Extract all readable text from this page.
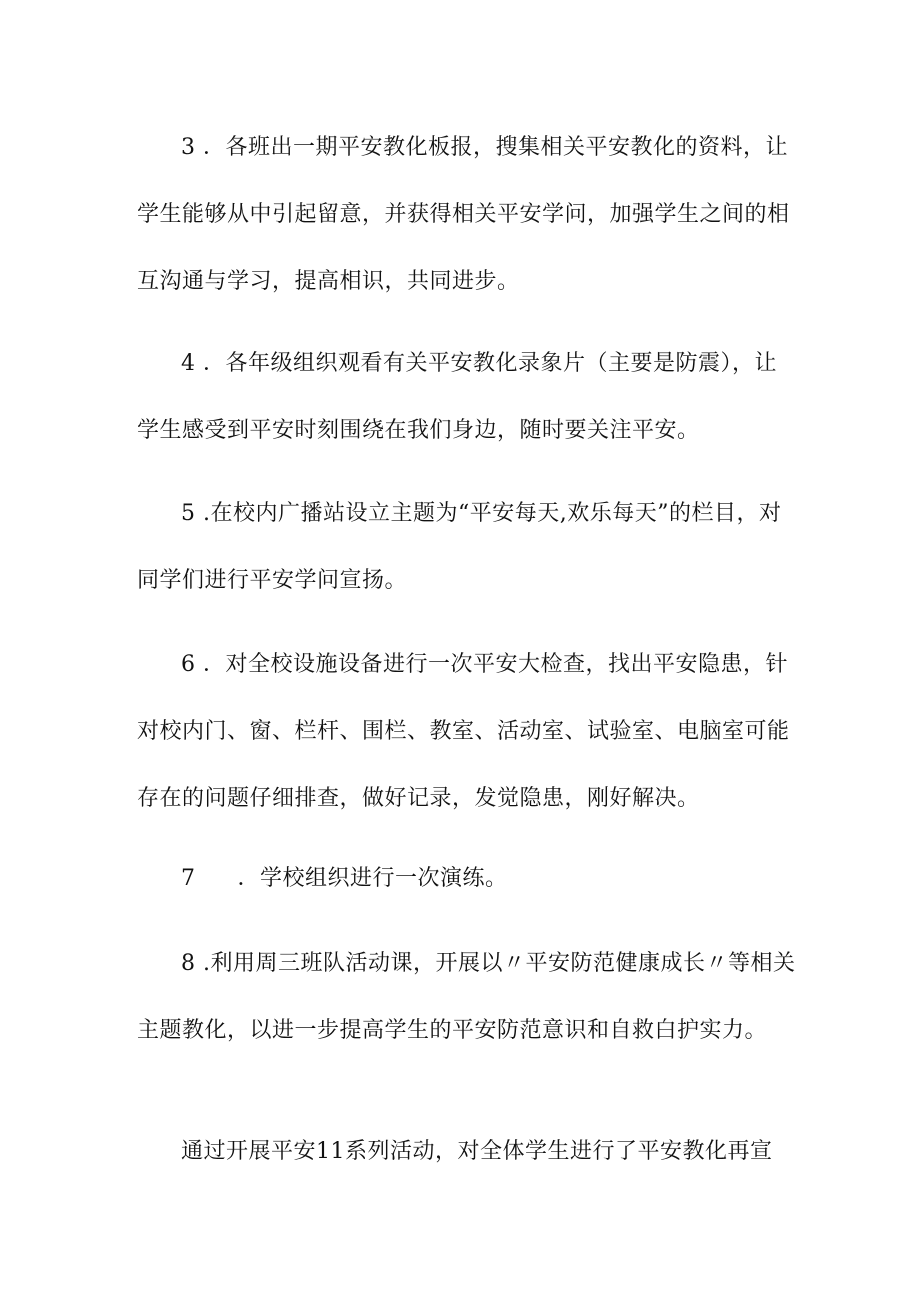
3 ．各班出一期平安教化板报，搜集相关平安教化的资料，让学生能够从中引起留意，并获得相关平安学问，加强学生之间的相互沟通与学习，提高相识，共同进步。
4 ．各年级组织观看有关平安教化录象片（主要是防震），让学生感受到平安时刻围绕在我们身边，随时要关注平安。
5 .在校内广播站设立主题为“平安每天,欢乐每天”的栏目，对同学们进行平安学问宣扬。
6 ．对全校设施设备进行一次平安大检查，找出平安隐患，针对校内门、窗、栏杆、围栏、教室、活动室、试验室、电脑室可能存在的问题仔细排查，做好记录，发觉隐患，刚好解决。
7 ．学校组织进行一次演练。
8 .利用周三班队活动课，开展以〃平安防范健康成长〃等相关主题教化，以进一步提高学生的平安防范意识和自救白护实力。
通过开展平安11系列活动，对全体学生进行了平安教化再宣
